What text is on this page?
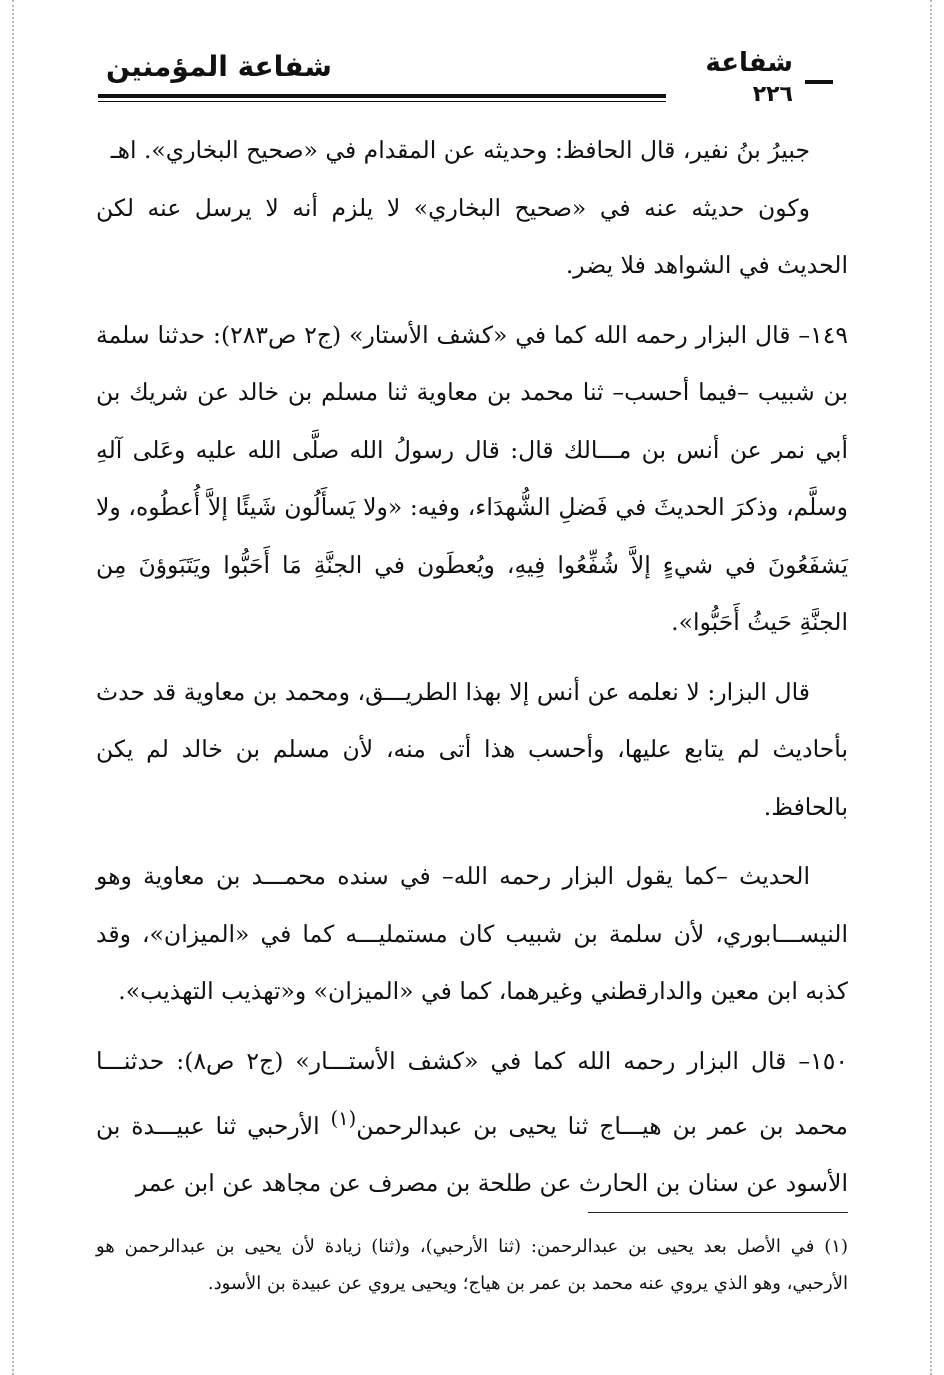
شفاعة المؤمنين	شفاعة
٢٢٦

جبيرُ بنُ نفير، قال الحافظ: وحديثه عن المقدام في «صحيح البخاري». اهـ

وكون حديثه عنه في «صحيح البخاري» لا يلزم أنه لا يرسل عنه لكن الحديث في الشواهد فلا يضر.

١٤٩– قال البزار رحمه الله كما في «كشف الأستار» (ج٢ ص٢٨٣): حدثنا سلمة بن شبيب –فيما أحسب– ثنا محمد بن معاوية ثنا مسلم بن خالد عن شريك بن أبي نمر عن أنس بن مـــالك قال: قال رسولُ الله صلَّى الله عليه وعَلى آلهِ وسلَّم، وذكرَ الحديثَ في فَضلِ الشُّهدَاء، وفيه: «ولا يَسأَلُون شَيئًا إلاَّ أُعطُوه، ولا يَشفَعُونَ في شيءٍ إلاَّ شُفِّعُوا فِيهِ، ويُعطَون في الجنَّةِ مَا أَحَبُّوا ويَتَبَوؤنَ مِن الجنَّةِ حَيثُ أَحَبُّوا».

قال البزار: لا نعلمه عن أنس إلا بهذا الطريـــق، ومحمد بن معاوية قد حدث بأحاديث لم يتابع عليها، وأحسب هذا أتى منه، لأن مسلم بن خالد لم يكن بالحافظ.

الحديث –كما يقول البزار رحمه الله– في سنده محمـــد بن معاوية وهو النيســـابوري، لأن سلمة بن شبيب كان مستمليـــه كما في «الميزان»، وقد كذبه ابن معين والدارقطني وغيرهما، كما في «الميزان» و«تهذيب التهذيب».

١٥٠– قال البزار رحمه الله كما في «كشف الأستـــار» (ج٢ ص٨): حدثنـــا محمد بن عمر بن هيـــاج ثنا يحيى بن عبدالرحمن$^{(١)}$ الأرحبي ثنا عبيـــدة بن الأسود عن سنان بن الحارث عن طلحة بن مصرف عن مجاهد عن ابن عمر

(١) في الأصل بعد يحيى بن عبدالرحمن: (ثنا الأرحبي)، و(ثنا) زيادة لأن يحيى بن عبدالرحمن هو الأرحبي، وهو الذي يروي عنه محمد بن عمر بن هياج؛ ويحيى يروي عن عبيدة بن الأسود.
